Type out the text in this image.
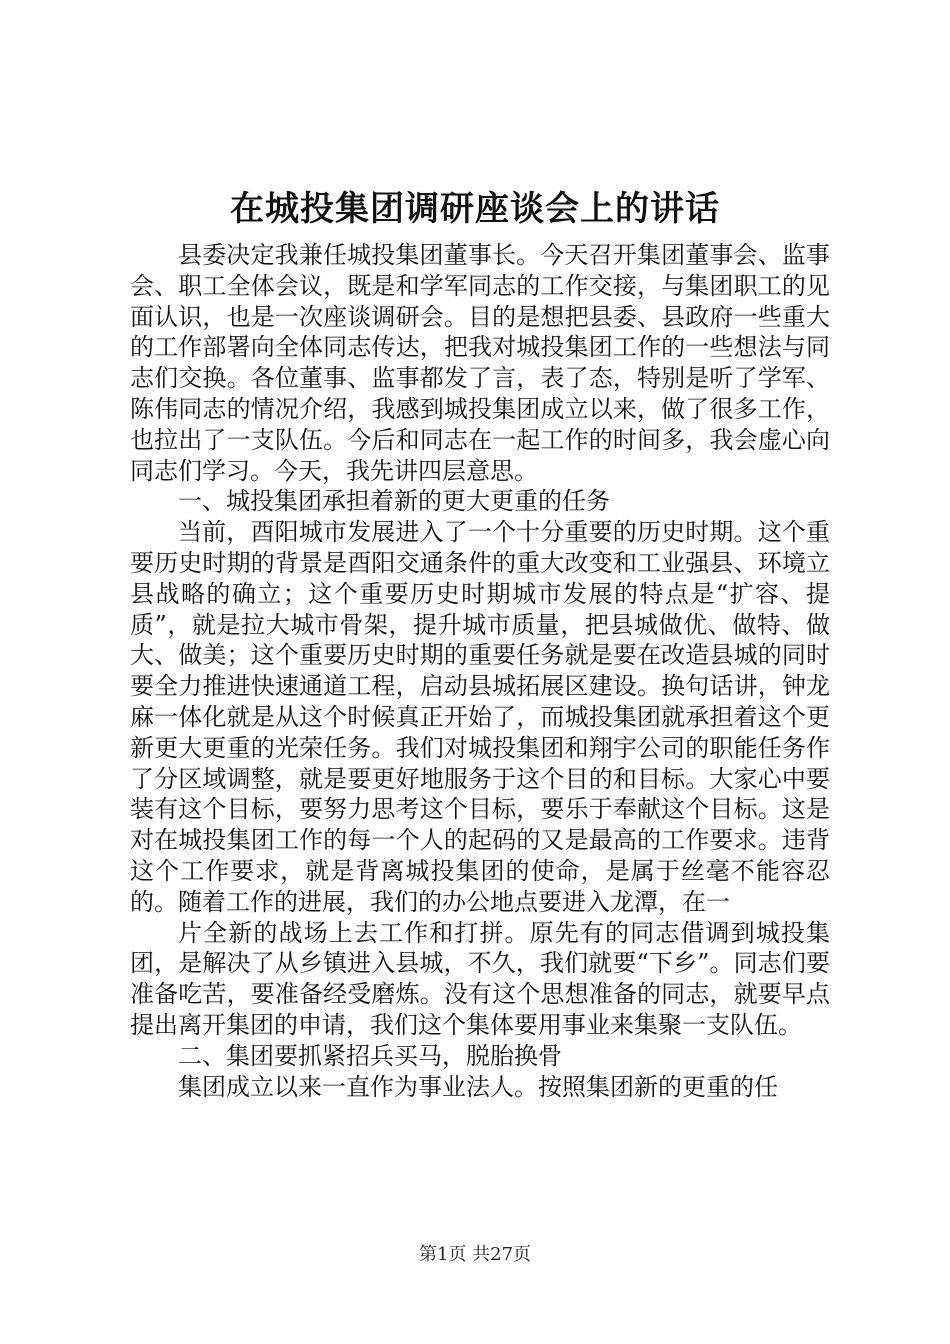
在城投集团调研座谈会上的讲话

县委决定我兼任城投集团董事长。今天召开集团董事会、监事会、职工全体会议，既是和学军同志的工作交接，与集团职工的见面认识，也是一次座谈调研会。目的是想把县委、县政府一些重大的工作部署向全体同志传达，把我对城投集团工作的一些想法与同志们交换。各位董事、监事都发了言，表了态，特别是听了学军、陈伟同志的情况介绍，我感到城投集团成立以来，做了很多工作，也拉出了一支队伍。今后和同志在一起工作的时间多，我会虚心向同志们学习。今天，我先讲四层意思。

一、城投集团承担着新的更大更重的任务

当前，酉阳城市发展进入了一个十分重要的历史时期。这个重要历史时期的背景是酉阳交通条件的重大改变和工业强县、环境立县战略的确立；这个重要历史时期城市发展的特点是“扩容、提质”，就是拉大城市骨架，提升城市质量，把县城做优、做特、做大、做美；这个重要历史时期的重要任务就是要在改造县城的同时要全力推进快速通道工程，启动县城拓展区建设。换句话讲，钟龙麻一体化就是从这个时候真正开始了，而城投集团就承担着这个更新更大更重的光荣任务。我们对城投集团和翔宇公司的职能任务作了分区域调整，就是要更好地服务于这个目的和目标。大家心中要装有这个目标，要努力思考这个目标，要乐于奉献这个目标。这是对在城投集团工作的每一个人的起码的又是最高的工作要求。违背这个工作要求，就是背离城投集团的使命，是属于丝毫不能容忍的。随着工作的进展，我们的办公地点要进入龙潭，在一

片全新的战场上去工作和打拼。原先有的同志借调到城投集团，是解决了从乡镇进入县城，不久，我们就要“下乡”。同志们要准备吃苦，要准备经受磨炼。没有这个思想准备的同志，就要早点提出离开集团的申请，我们这个集体要用事业来集聚一支队伍。

二、集团要抓紧招兵买马，脱胎换骨

集团成立以来一直作为事业法人。按照集团新的更重的任

第1页 共27页
